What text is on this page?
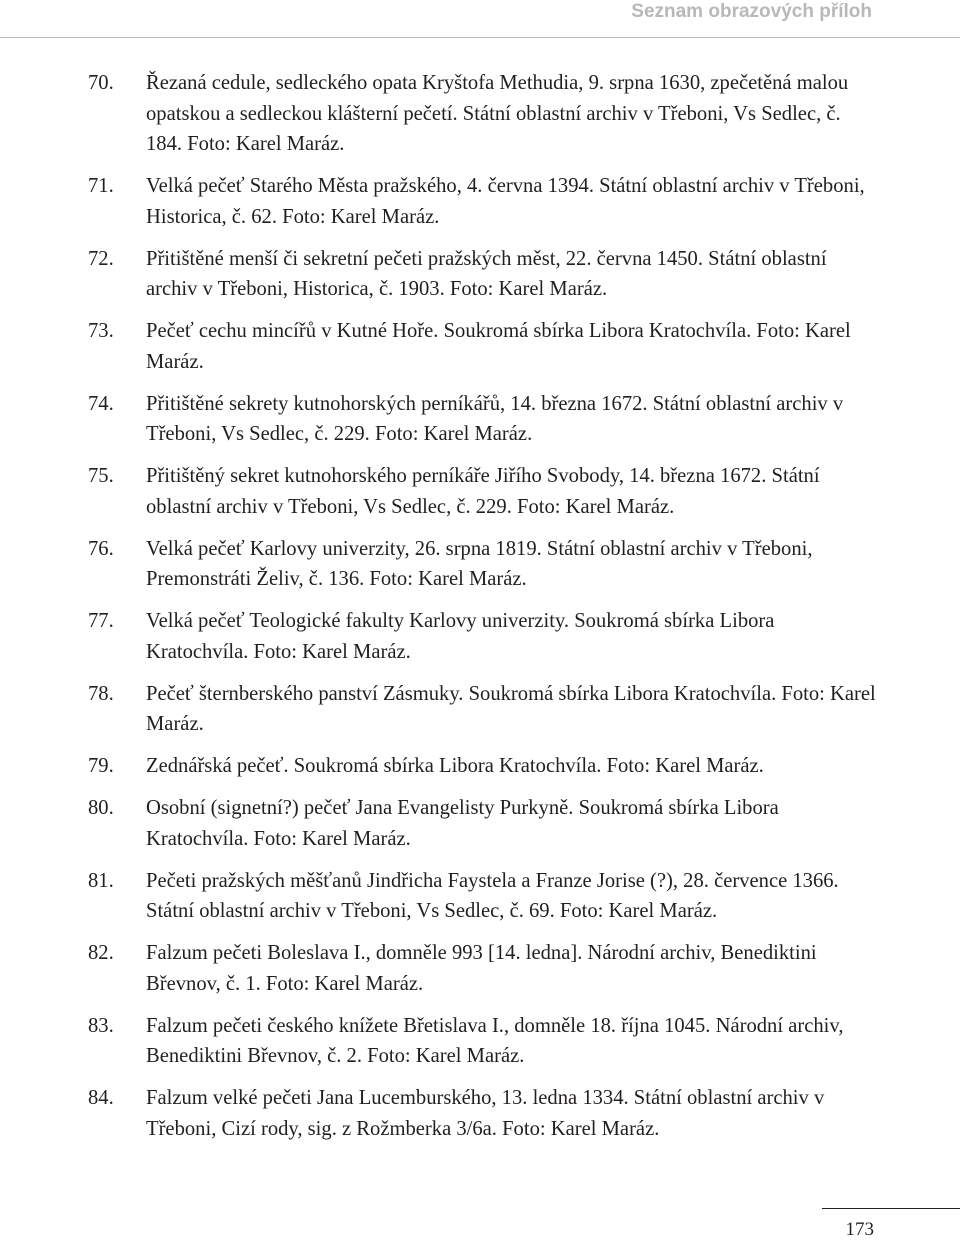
Seznam obrazových příloh
70.	Řezaná cedule, sedleckého opata Kryštofa Methudia, 9. srpna 1630, zpečetěná malou opatskou a sedleckou klášterní pečetí. Státní oblastní archiv v Třeboni, Vs Sedlec, č. 184. Foto: Karel Maráz.
71.	Velká pečeť Starého Města pražského, 4. června 1394. Státní oblastní archiv v Třeboni, Historica, č. 62. Foto: Karel Maráz.
72.	Přitištěné menší či sekretní pečeti pražských měst, 22. června 1450. Státní oblastní archiv v Třeboni, Historica, č. 1903. Foto: Karel Maráz.
73.	Pečeť cechu mincířů v Kutné Hoře. Soukromá sbírka Libora Kratochvíla. Foto: Karel Maráz.
74.	Přitištěné sekrety kutnohorských perníkářů, 14. března 1672. Státní oblastní archiv v Třeboni, Vs Sedlec, č. 229. Foto: Karel Maráz.
75.	Přitištěný sekret kutnohorského perníkáře Jiřího Svobody, 14. března 1672. Státní oblastní archiv v Třeboni, Vs Sedlec, č. 229. Foto: Karel Maráz.
76.	Velká pečeť Karlovy univerzity, 26. srpna 1819. Státní oblastní archiv v Třeboni, Premonstráti Želiv, č. 136. Foto: Karel Maráz.
77.	Velká pečeť Teologické fakulty Karlovy univerzity. Soukromá sbírka Libora Kratochvíla. Foto: Karel Maráz.
78.	Pečeť šternberského panství Zásmuky. Soukromá sbírka Libora Kratochvíla. Foto: Karel Maráz.
79.	Zednářská pečeť. Soukromá sbírka Libora Kratochvíla. Foto: Karel Maráz.
80.	Osobní (signetní?) pečeť Jana Evangelisty Purkyně. Soukromá sbírka Libora Kratochvíla. Foto: Karel Maráz.
81.	Pečeti pražských měšťanů Jindřicha Faystela a Franze Jorise (?), 28. července 1366. Státní oblastní archiv v Třeboni, Vs Sedlec, č. 69. Foto: Karel Maráz.
82.	Falzum pečeti Boleslava I., domněle 993 [14. ledna]. Národní archiv, Benediktini Břevnov, č. 1. Foto: Karel Maráz.
83.	Falzum pečeti českého knížete Břetislava I., domněle 18. října 1045. Národní archiv, Benediktini Břevnov, č. 2. Foto: Karel Maráz.
84.	Falzum velké pečeti Jana Lucemburského, 13. ledna 1334. Státní oblastní archiv v Třeboni, Cizí rody, sig. z Rožmberka 3/6a. Foto: Karel Maráz.
173
